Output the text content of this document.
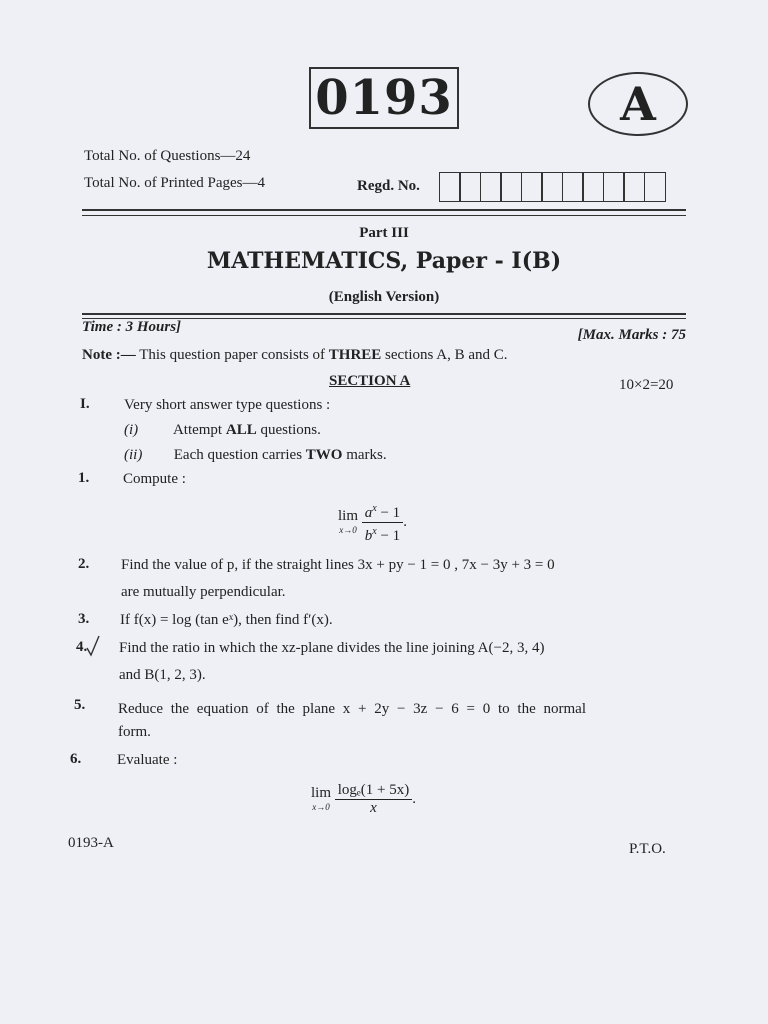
0193	A
Total No. of Questions—24
Total No. of Printed Pages—4	Regd. No.
Part III
MATHEMATICS, Paper - I(B)
(English Version)
Time : 3 Hours]	[Max. Marks : 75
Note :— This question paper consists of THREE sections A, B and C.
SECTION A	10×2=20
I. Very short answer type questions :
(i) Attempt ALL questions.
(ii) Each question carries TWO marks.
1. Compute :
lim
x→0
$\frac{a^x - 1}{b^x - 1}$ .
2. Find the value of p, if the straight lines 3x + py − 1 = 0 , 7x − 3y + 3 = 0
are mutually perpendicular.
3. If f(x) = log (tan eˣ), then find f′(x).
4. Find the ratio in which the xz-plane divides the line joining A(−2, 3, 4)
and B(1, 2, 3).
5. Reduce the equation of the plane x + 2y − 3z − 6 = 0 to the normal
form.
6. Evaluate :
lim
x→0
$\frac{\text{logₑ(1 + 5x)}}{x}$ .
0193-A	P.T.O.
